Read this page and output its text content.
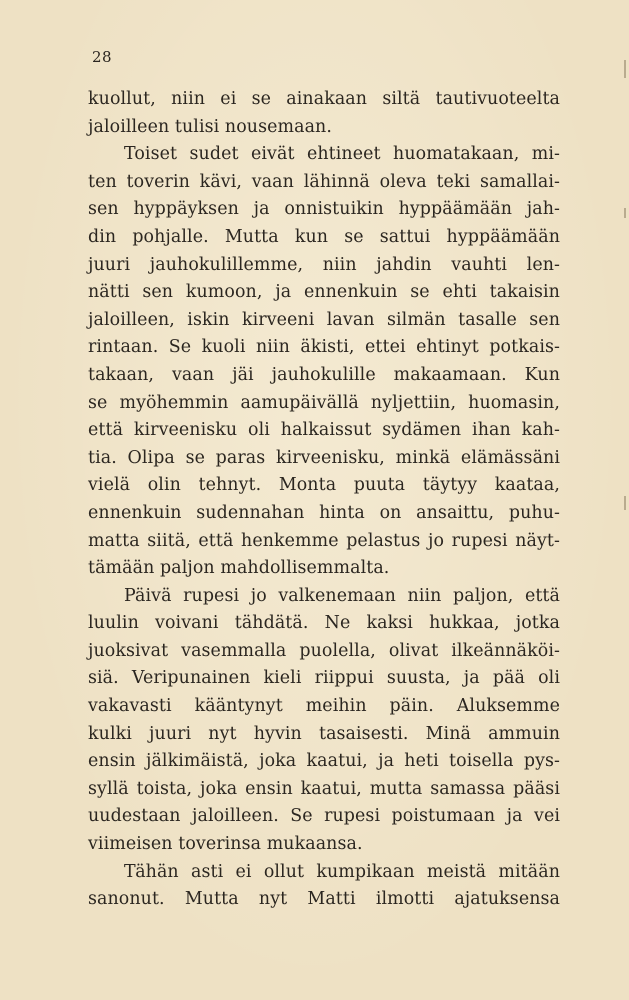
28
kuollut, niin ei se ainakaan siltä tautivuoteelta
jaloilleen tulisi nousemaan.
Toiset sudet eivät ehtineet huomatakaan, mi-
ten toverin kävi, vaan lähinnä oleva teki samallai-
sen hyppäyksen ja onnistuikin hyppäämään jah-
din pohjalle. Mutta kun se sattui hyppäämään
juuri jauhokulillemme, niin jahdin vauhti len-
nätti sen kumoon, ja ennenkuin se ehti takaisin
jaloilleen, iskin kirveeni lavan silmän tasalle sen
rintaan. Se kuoli niin äkisti, ettei ehtinyt potkais-
takaan, vaan jäi jauhokulille makaamaan. Kun
se myöhemmin aamupäivällä nyljettiin, huomasin,
että kirveenisku oli halkaissut sydämen ihan kah-
tia. Olipa se paras kirveenisku, minkä elämässäni
vielä olin tehnyt. Monta puuta täytyy kaataa,
ennenkuin sudennahan hinta on ansaittu, puhu-
matta siitä, että henkemme pelastus jo rupesi näyt-
tämään paljon mahdollisemmalta.
Päivä rupesi jo valkenemaan niin paljon, että
luulin voivani tähdätä. Ne kaksi hukkaa, jotka
juoksivat vasemmalla puolella, olivat ilkeännäköi-
siä. Veripunainen kieli riippui suusta, ja pää oli
vakavasti kääntynyt meihin päin. Aluksemme
kulki juuri nyt hyvin tasaisesti. Minä ammuin
ensin jälkimäistä, joka kaatui, ja heti toisella pys-
syllä toista, joka ensin kaatui, mutta samassa pääsi
uudestaan jaloilleen. Se rupesi poistumaan ja vei
viimeisen toverinsa mukaansa.
Tähän asti ei ollut kumpikaan meistä mitään
sanonut. Mutta nyt Matti ilmotti ajatuksensa
